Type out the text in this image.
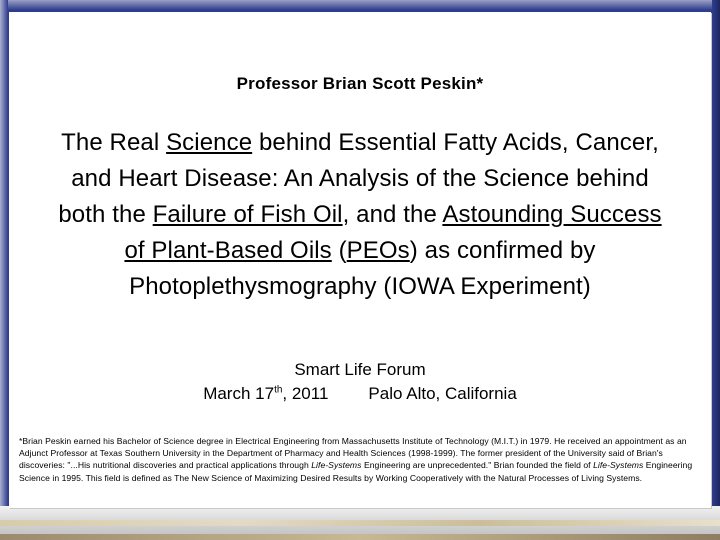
Professor Brian Scott Peskin*
The Real Science behind Essential Fatty Acids, Cancer, and Heart Disease: An Analysis of the Science behind both the Failure of Fish Oil, and the Astounding Success of Plant-Based Oils (PEOs) as confirmed by Photoplethysmography (IOWA Experiment)
Smart Life Forum
March 17th, 2011 Palo Alto, California
*Brian Peskin earned his Bachelor of Science degree in Electrical Engineering from Massachusetts Institute of Technology (M.I.T.) in 1979. He received an appointment as an Adjunct Professor at Texas Southern University in the Department of Pharmacy and Health Sciences (1998-1999). The former president of the University said of Brian's discoveries: "...His nutritional discoveries and practical applications through Life-Systems Engineering are unprecedented." Brian founded the field of Life-Systems Engineering Science in 1995. This field is defined as The New Science of Maximizing Desired Results by Working Cooperatively with the Natural Processes of Living Systems.
